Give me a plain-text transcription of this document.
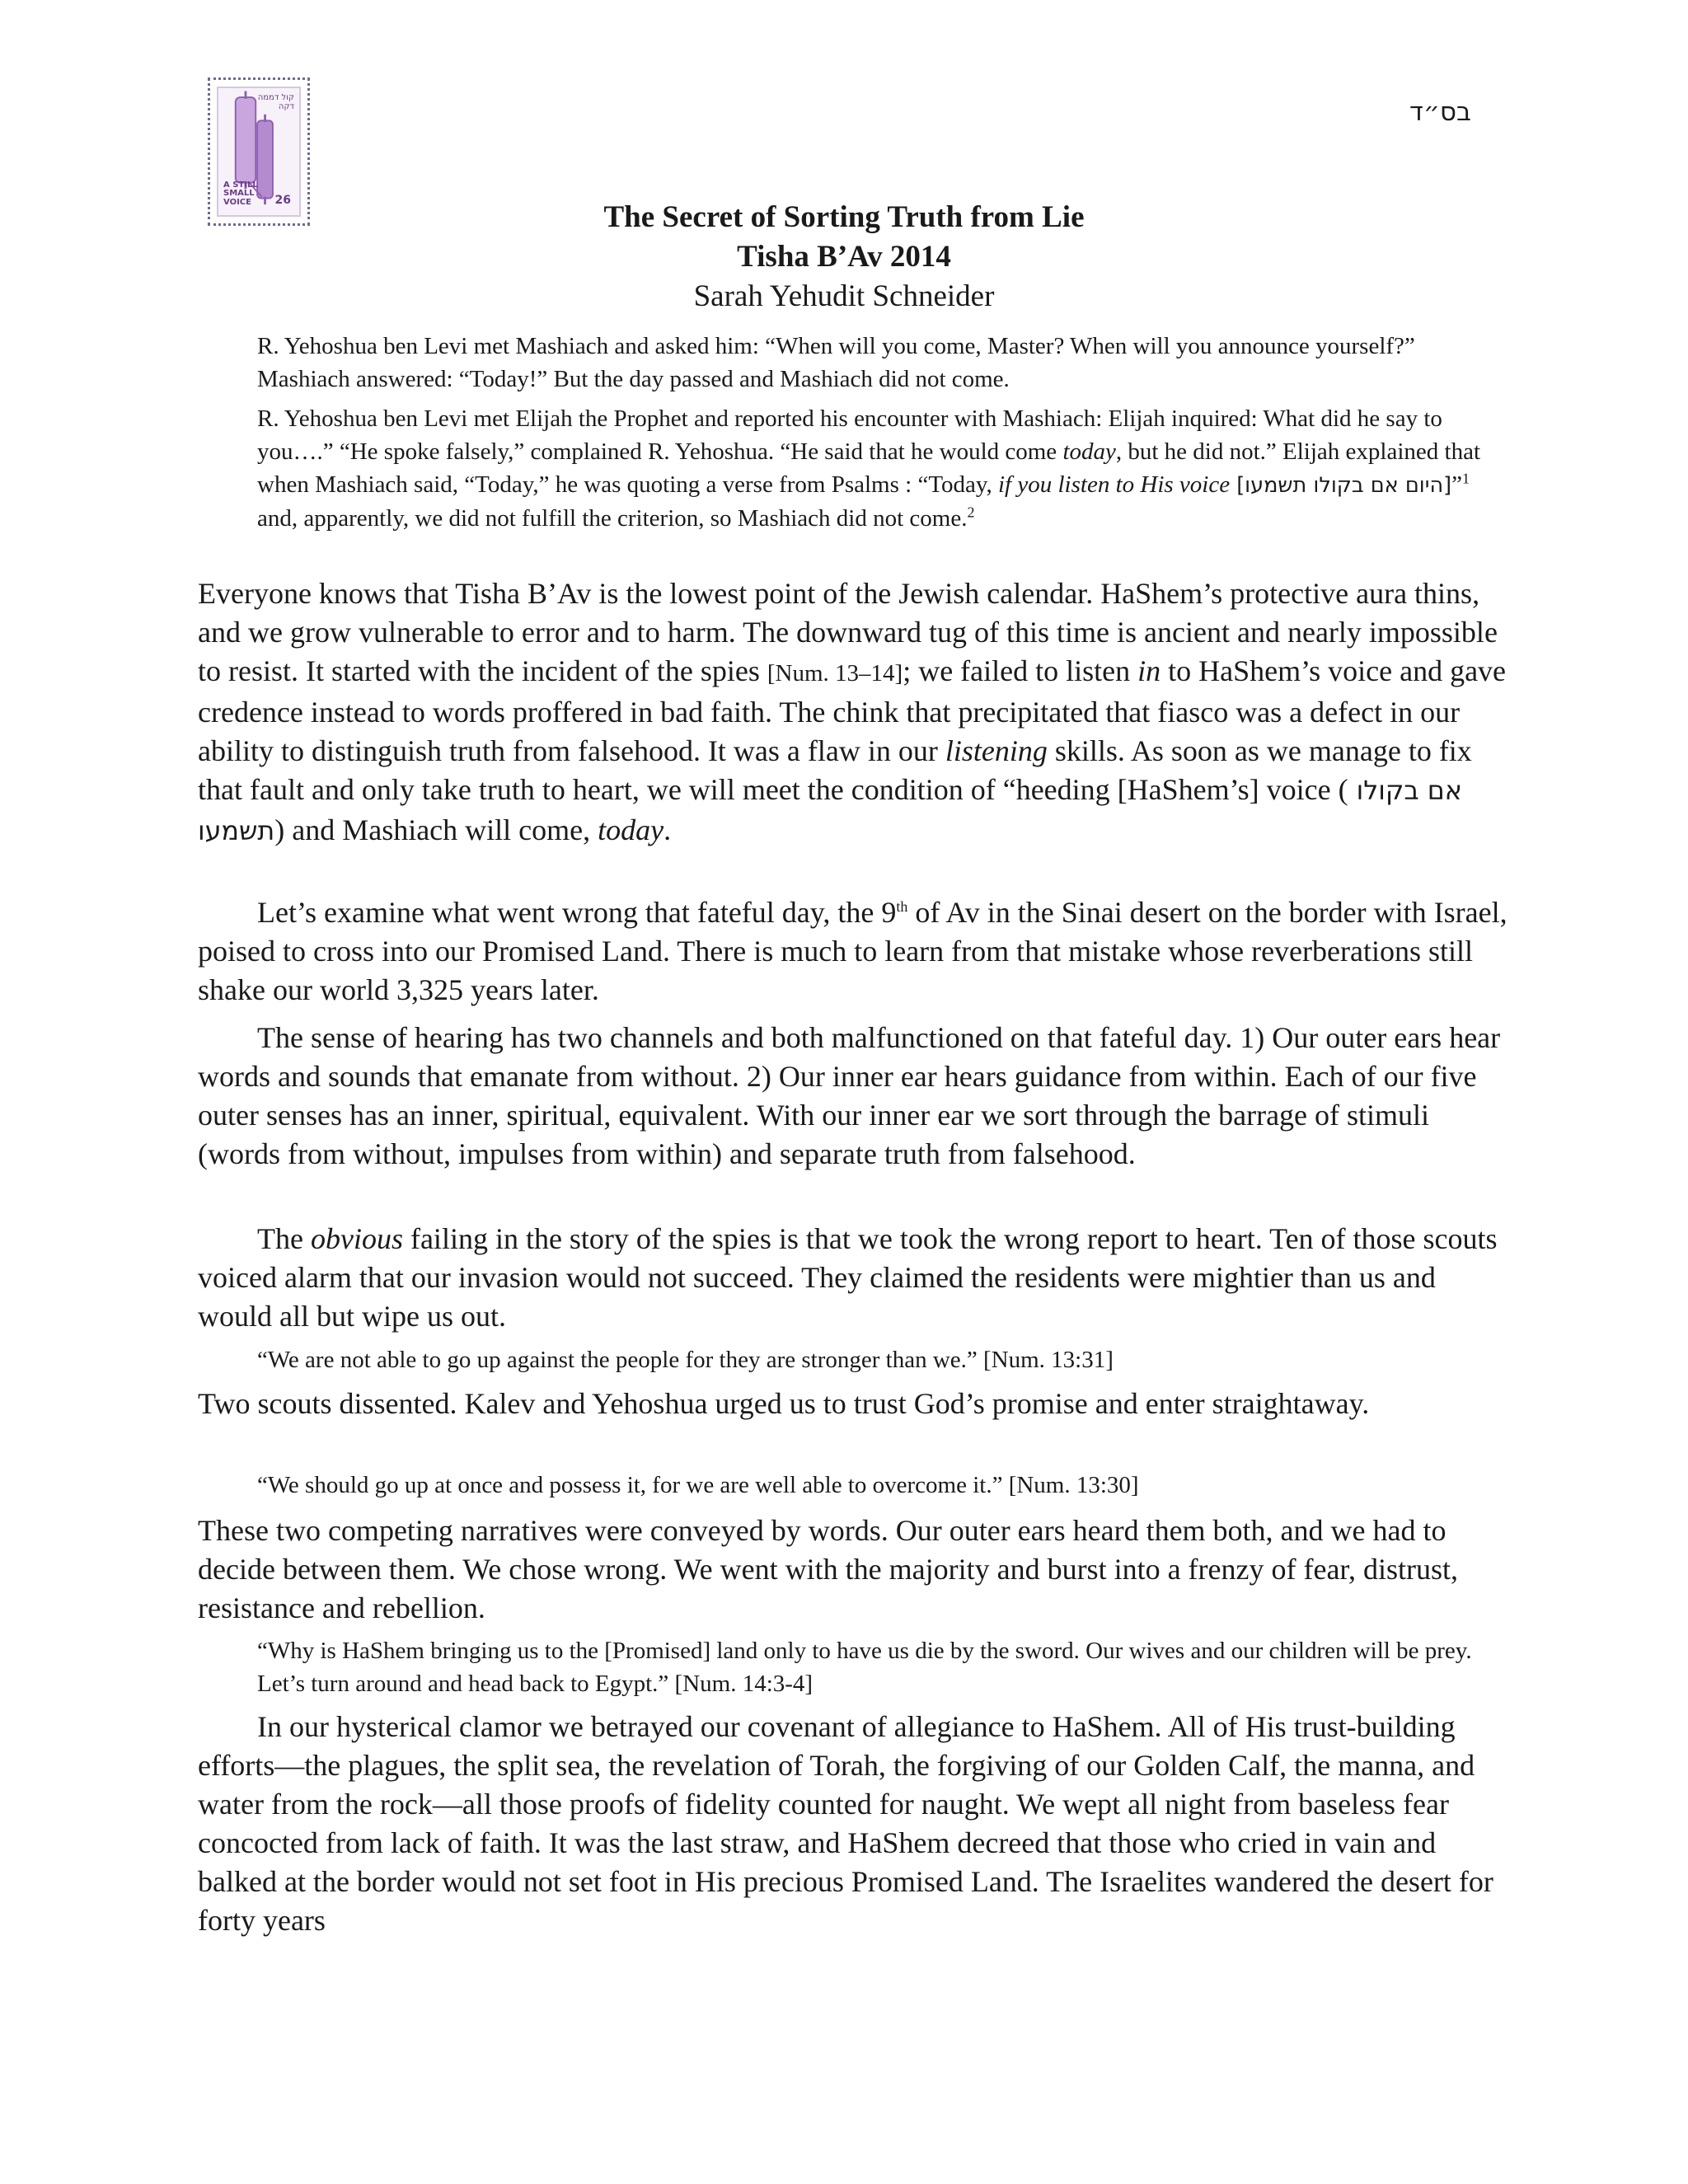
קול דממה דקה
A STILL SMALL VOICE	26
בס״ד
The Secret of Sorting Truth from Lie
Tisha B’Av 2014
Sarah Yehudit Schneider

R. Yehoshua ben Levi met Mashiach and asked him: “When will you come, Master? When will you announce yourself?” Mashiach answered: “Today!” But the day passed and Mashiach did not come.

R. Yehoshua ben Levi met Elijah the Prophet and reported his encounter with Mashiach: Elijah inquired: What did he say to you….” “He spoke falsely,” complained R. Yehoshua. “He said that he would come today, but he did not.” Elijah explained that when Mashiach said, “Today,” he was quoting a verse from Psalms : “Today, if you listen to His voice [היום אם בקולו תשמעו]”$^1$ and, apparently, we did not fulfill the criterion, so Mashiach did not come.$^2$

Everyone knows that Tisha B’Av is the lowest point of the Jewish calendar. HaShem’s protective aura thins, and we grow vulnerable to error and to harm. The downward tug of this time is ancient and nearly impossible to resist. It started with the incident of the spies [Num. 13–14]; we failed to listen in to HaShem’s voice and gave credence instead to words proffered in bad faith. The chink that precipitated that fiasco was a defect in our ability to distinguish truth from falsehood. It was a flaw in our listening skills. As soon as we manage to fix that fault and only take truth to heart, we will meet the condition of “heeding [HaShem’s] voice ( אם בקולו תשמעו) and Mashiach will come, today.

Let’s examine what went wrong that fateful day, the 9th of Av in the Sinai desert on the border with Israel, poised to cross into our Promised Land. There is much to learn from that mistake whose reverberations still shake our world 3,325 years later.

The sense of hearing has two channels and both malfunctioned on that fateful day. 1) Our outer ears hear words and sounds that emanate from without. 2) Our inner ear hears guidance from within. Each of our five outer senses has an inner, spiritual, equivalent. With our inner ear we sort through the barrage of stimuli (words from without, impulses from within) and separate truth from falsehood.

The obvious failing in the story of the spies is that we took the wrong report to heart. Ten of those scouts voiced alarm that our invasion would not succeed. They claimed the residents were mightier than us and would all but wipe us out.

“We are not able to go up against the people for they are stronger than we.” [Num. 13:31]

Two scouts dissented. Kalev and Yehoshua urged us to trust God’s promise and enter straightaway.

“We should go up at once and possess it, for we are well able to overcome it.” [Num. 13:30]

These two competing narratives were conveyed by words. Our outer ears heard them both, and we had to decide between them. We chose wrong. We went with the majority and burst into a frenzy of fear, distrust, resistance and rebellion.

“Why is HaShem bringing us to the [Promised] land only to have us die by the sword. Our wives and our children will be prey. Let’s turn around and head back to Egypt.” [Num. 14:3-4]

In our hysterical clamor we betrayed our covenant of allegiance to HaShem. All of His trust-building efforts—the plagues, the split sea, the revelation of Torah, the forgiving of our Golden Calf, the manna, and water from the rock—all those proofs of fidelity counted for naught. We wept all night from baseless fear concocted from lack of faith. It was the last straw, and HaShem decreed that those who cried in vain and balked at the border would not set foot in His precious Promised Land. The Israelites wandered the desert for forty years
